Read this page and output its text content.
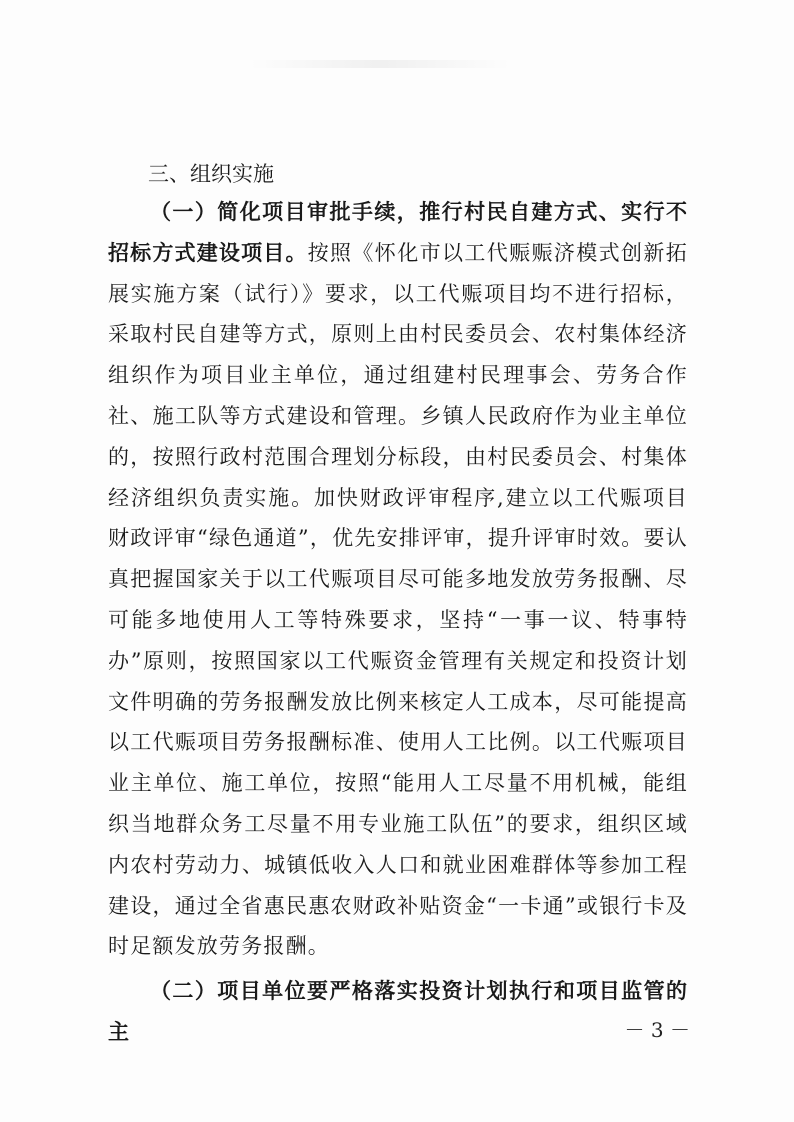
三、组织实施

（一）简化项目审批手续，推行村民自建方式、实行不招标方式建设项目。按照《怀化市以工代赈赈济模式创新拓展实施方案（试行）》要求，以工代赈项目均不进行招标，采取村民自建等方式，原则上由村民委员会、农村集体经济组织作为项目业主单位，通过组建村民理事会、劳务合作社、施工队等方式建设和管理。乡镇人民政府作为业主单位的，按照行政村范围合理划分标段，由村民委员会、村集体经济组织负责实施。加快财政评审程序,建立以工代赈项目财政评审“绿色通道”，优先安排评审，提升评审时效。要认真把握国家关于以工代赈项目尽可能多地发放劳务报酬、尽可能多地使用人工等特殊要求，坚持“一事一议、特事特办”原则，按照国家以工代赈资金管理有关规定和投资计划文件明确的劳务报酬发放比例来核定人工成本，尽可能提高以工代赈项目劳务报酬标准、使用人工比例。以工代赈项目业主单位、施工单位，按照“能用人工尽量不用机械，能组织当地群众务工尽量不用专业施工队伍”的要求，组织区域内农村劳动力、城镇低收入人口和就业困难群体等参加工程建设，通过全省惠民惠农财政补贴资金“一卡通”或银行卡及时足额发放劳务报酬。

（二）项目单位要严格落实投资计划执行和项目监管的主	－ 3 －
